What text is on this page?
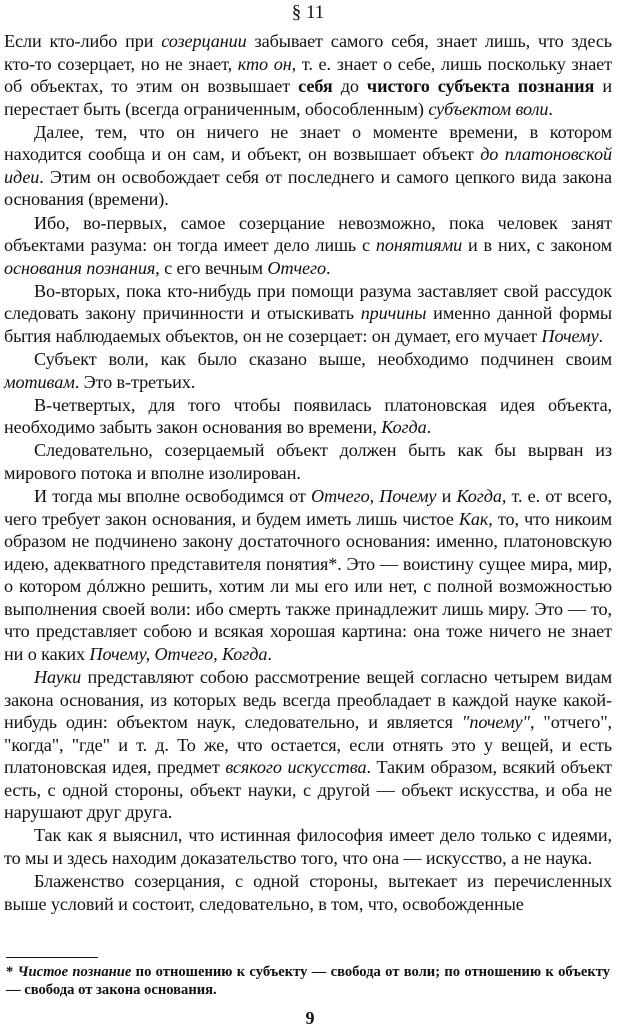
§ 11

Если кто-либо при созерцании забывает самого себя, знает лишь, что здесь кто-то созерцает, но не знает, кто он, т. е. знает о себе, лишь поскольку знает об объектах, то этим он возвышает себя до чистого субъекта познания и перестает быть (всегда ограниченным, обособленным) субъектом воли.

Далее, тем, что он ничего не знает о моменте времени, в котором находится сообща и он сам, и объект, он возвышает объект до платоновской идеи. Этим он освобождает себя от последнего и самого цепкого вида закона основания (времени).

Ибо, во-первых, самое созерцание невозможно, пока человек занят объектами разума: он тогда имеет дело лишь с понятиями и в них, с законом основания познания, с его вечным Отчего.

Во-вторых, пока кто-нибудь при помощи разума заставляет свой рассудок следовать закону причинности и отыскивать причины именно данной формы бытия наблюдаемых объектов, он не созерцает: он думает, его мучает Почему.

Субъект воли, как было сказано выше, необходимо подчинен своим мотивам. Это в-третьих.

В-четвертых, для того чтобы появилась платоновская идея объекта, необходимо забыть закон основания во времени, Когда.

Следовательно, созерцаемый объект должен быть как бы вырван из мирового потока и вполне изолирован.

И тогда мы вполне освободимся от Отчего, Почему и Когда, т. е. от всего, чего требует закон основания, и будем иметь лишь чистое Как, то, что никоим образом не подчинено закону достаточного основания: именно, платоновскую идею, адекватного представителя понятия*. Это — воистину сущее мира, мир, о котором дóлжно решить, хотим ли мы его или нет, с полной возможностью выполнения своей воли: ибо смерть также принадлежит лишь миру. Это — то, что представляет собою и всякая хорошая картина: она тоже ничего не знает ни о каких Почему, Отчего, Когда.

Науки представляют собою рассмотрение вещей согласно четырем видам закона основания, из которых ведь всегда преобладает в каждой науке какой-нибудь один: объектом наук, следовательно, и является "почему", "отчего", "когда", "где" и т. д. То же, что остается, если отнять это у вещей, и есть платоновская идея, предмет всякого искусства. Таким образом, всякий объект есть, с одной стороны, объект науки, с другой — объект искусства, и оба не нарушают друг друга.

Так как я выяснил, что истинная философия имеет дело только с идеями, то мы и здесь находим доказательство того, что она — искусство, а не наука.

Блаженство созерцания, с одной стороны, вытекает из перечисленных выше условий и состоит, следовательно, в том, что, освобожденные

* Чистое познание по отношению к субъекту — свобода от воли; по отношению к объекту — свобода от закона основания.
9
